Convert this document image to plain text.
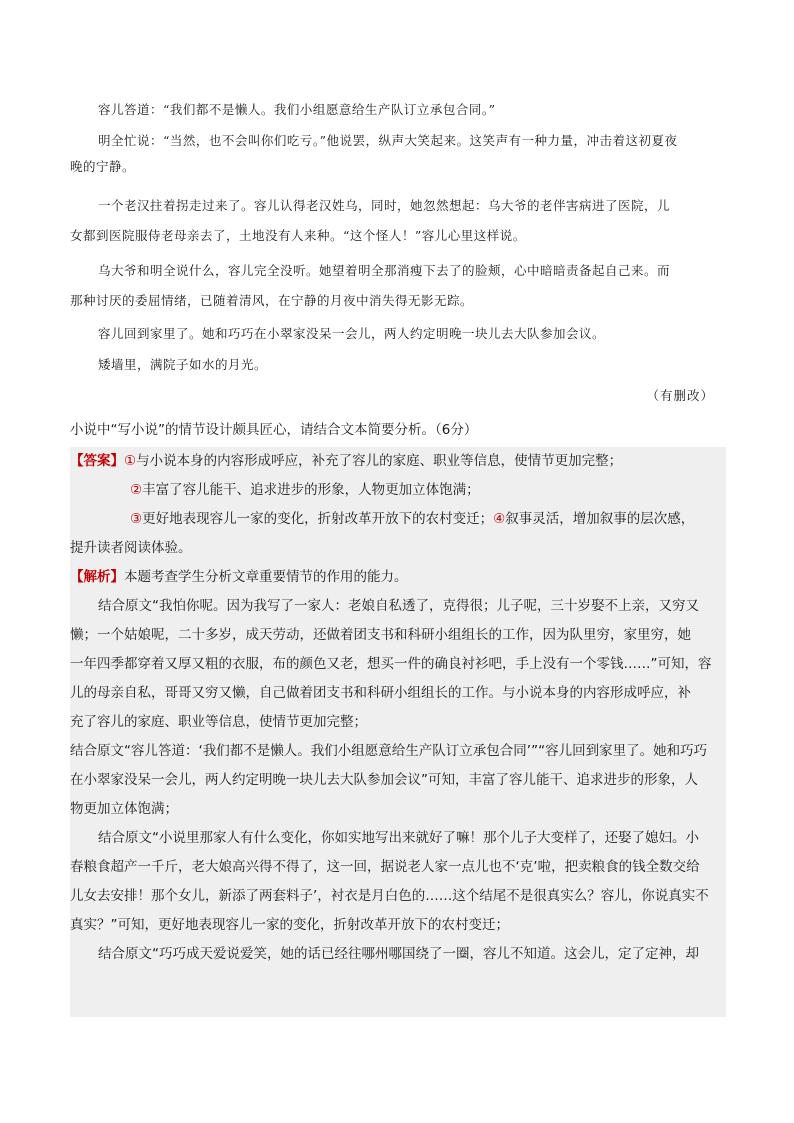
容儿答道：“我们都不是懒人。我们小组愿意给生产队订立承包合同。”

明全忙说：“当然，也不会叫你们吃亏。”他说罢，纵声大笑起来。这笑声有一种力量，冲击着这初夏夜

晚的宁静。

一个老汉拄着拐走过来了。容儿认得老汉姓乌，同时，她忽然想起：乌大爷的老伴害病进了医院，儿

女都到医院服侍老母亲去了，土地没有人来种。“这个怪人！”容儿心里这样说。

乌大爷和明全说什么，容儿完全没听。她望着明全那消瘦下去了的脸颊，心中暗暗责备起自己来。而

那种讨厌的委屈情绪，已随着清风，在宁静的月夜中消失得无影无踪。

容儿回到家里了。她和巧巧在小翠家没呆一会儿，两人约定明晚一块儿去大队参加会议。

矮墙里，满院子如水的月光。

（有删改）
小说中“写小说”的情节设计颇具匠心，请结合文本简要分析。（6分）
【答案】①与小说本身的内容形成呼应，补充了容儿的家庭、职业等信息，使情节更加完整；
②丰富了容儿能干、追求进步的形象，人物更加立体饱满；
③更好地表现容儿一家的变化，折射改革开放下的农村变迁；④叙事灵活，增加叙事的层次感，
提升读者阅读体验。
【解析】本题考查学生分析文章重要情节的作用的能力。
结合原文“我怕你呢。因为我写了一家人：老娘自私透了，克得很；儿子呢，三十岁娶不上亲，又穷又
懒；一个姑娘呢，二十多岁，成天劳动，还做着团支书和科研小组组长的工作，因为队里穷，家里穷，她
一年四季都穿着又厚又粗的衣服，布的颜色又老，想买一件的确良衬衫吧，手上没有一个零钱……”可知，容
儿的母亲自私，哥哥又穷又懒，自己做着团支书和科研小组组长的工作。与小说本身的内容形成呼应，补
充了容儿的家庭、职业等信息，使情节更加完整；
结合原文“容儿答道：‘我们都不是懒人。我们小组愿意给生产队订立承包合同’”“容儿回到家里了。她和巧巧
在小翠家没呆一会儿，两人约定明晚一块儿去大队参加会议”可知，丰富了容儿能干、追求进步的形象，人
物更加立体饱满；
结合原文“小说里那家人有什么变化，你如实地写出来就好了嘛！那个儿子大变样了，还娶了媳妇。小
春粮食超产一千斤，老大娘高兴得不得了，这一回，据说老人家一点儿也不‘克’啦，把卖粮食的钱全数交给
儿女去安排！那个女儿，新添了两套料子’，衬衣是月白色的……这个结尾不是很真实么？容儿，你说真实不
真实？”可知，更好地表现容儿一家的变化，折射改革开放下的农村变迁；
结合原文“巧巧成天爱说爱笑，她的话已经往哪州哪国绕了一圈，容儿不知道。这会儿，定了定神，却
